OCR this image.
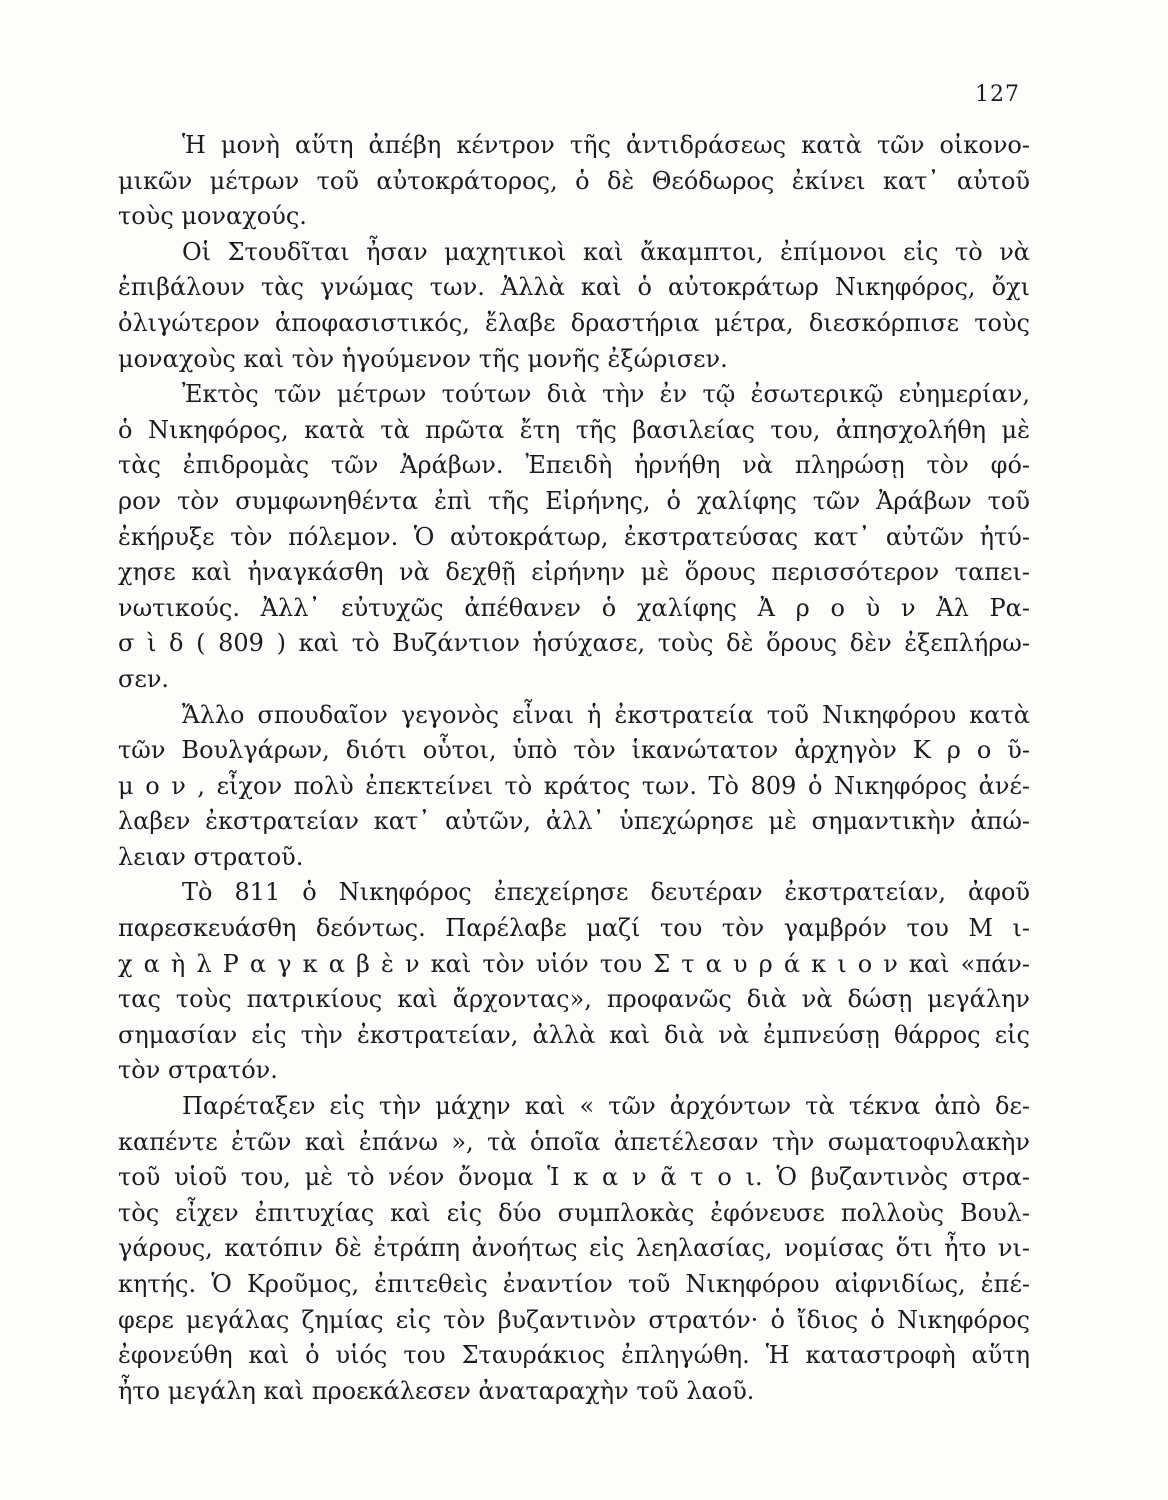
127
Ἡ μονὴ αὕτη ἀπέβη κέντρον τῆς ἀντιδράσεως κατὰ τῶν οἰκονο-
μικῶν μέτρων τοῦ αὐτοκράτορος, ὁ δὲ Θεόδωρος ἐκίνει κατ᾽ αὐτοῦ
τοὺς μοναχούς.
Οἱ Στουδῖται ἦσαν μαχητικοὶ καὶ ἄκαμπτοι, ἐπίμονοι εἰς τὸ νὰ
ἐπιβάλουν τὰς γνώμας των. Ἀλλὰ καὶ ὁ αὐτοκράτωρ Νικηφόρος, ὄχι
ὀλιγώτερον ἀποφασιστικός, ἔλαβε δραστήρια μέτρα, διεσκόρπισε τοὺς
μοναχοὺς καὶ τὸν ἡγούμενον τῆς μονῆς ἐξώρισεν.
Ἐκτὸς τῶν μέτρων τούτων διὰ τὴν ἐν τῷ ἐσωτερικῷ εὐημερίαν,
ὁ Νικηφόρος, κατὰ τὰ πρῶτα ἔτη τῆς βασιλείας του, ἀπησχολήθη μὲ
τὰς ἐπιδρομὰς τῶν Ἀράβων. Ἐπειδὴ ἠρνήθη νὰ πληρώσῃ τὸν φό-
ρον τὸν συμφωνηθέντα ἐπὶ τῆς Εἰρήνης, ὁ χαλίφης τῶν Ἀράβων τοῦ
ἐκήρυξε τὸν πόλεμον. Ὁ αὐτοκράτωρ, ἐκστρατεύσας κατ᾽ αὐτῶν ἠτύ-
χησε καὶ ἠναγκάσθη νὰ δεχθῇ εἰρήνην μὲ ὅρους περισσότερον ταπει-
νωτικούς. Ἀλλ᾽ εὐτυχῶς ἀπέθανεν ὁ χαλίφης Ἀ ρ ο ὺ ν Ἀλ Ρα-
σ ὶ δ ( 809 ) καὶ τὸ Βυζάντιον ἡσύχασε, τοὺς δὲ ὅρους δὲν ἐξεπλήρω-
σεν.
Ἄλλο σπουδαῖον γεγονὸς εἶναι ἡ ἐκστρατεία τοῦ Νικηφόρου κατὰ
τῶν Βουλγάρων, διότι οὗτοι, ὑπὸ τὸν ἱκανώτατον ἀρχηγὸν Κ ρ ο ῦ-
μ ο ν , εἶχον πολὺ ἐπεκτείνει τὸ κράτος των. Τὸ 809 ὁ Νικηφόρος ἀνέ-
λαβεν ἐκστρατείαν κατ᾽ αὐτῶν, ἀλλ᾽ ὑπεχώρησε μὲ σημαντικὴν ἀπώ-
λειαν στρατοῦ.
Τὸ 811 ὁ Νικηφόρος ἐπεχείρησε δευτέραν ἐκστρατείαν, ἀφοῦ
παρεσκευάσθη δεόντως. Παρέλαβε μαζί του τὸν γαμβρόν του Μ ι-
χ α ὴ λ Ρ α γ κ α β ὲ ν καὶ τὸν υἱόν του Σ τ α υ ρ ά κ ι ο ν καὶ «πάν-
τας τοὺς πατρικίους καὶ ἄρχοντας», προφανῶς διὰ νὰ δώσῃ μεγάλην
σημασίαν εἰς τὴν ἐκστρατείαν, ἀλλὰ καὶ διὰ νὰ ἐμπνεύσῃ θάρρος εἰς
τὸν στρατόν.
Παρέταξεν εἰς τὴν μάχην καὶ « τῶν ἀρχόντων τὰ τέκνα ἀπὸ δε-
καπέντε ἐτῶν καὶ ἐπάνω », τὰ ὁποῖα ἀπετέλεσαν τὴν σωματοφυλακὴν
τοῦ υἱοῦ του, μὲ τὸ νέον ὄνομα Ἱ κ α ν ᾶ τ ο ι. Ὁ βυζαντινὸς στρα-
τὸς εἶχεν ἐπιτυχίας καὶ εἰς δύο συμπλοκὰς ἐφόνευσε πολλοὺς Βουλ-
γάρους, κατόπιν δὲ ἐτράπη ἀνοήτως εἰς λεηλασίας, νομίσας ὅτι ἦτο νι-
κητής. Ὁ Κροῦμος, ἐπιτεθεὶς ἐναντίον τοῦ Νικηφόρου αἰφνιδίως, ἐπέ-
φερε μεγάλας ζημίας εἰς τὸν βυζαντινὸν στρατόν· ὁ ἴδιος ὁ Νικηφόρος
ἐφονεύθη καὶ ὁ υἱός του Σταυράκιος ἐπληγώθη. Ἡ καταστροφὴ αὕτη
ἦτο μεγάλη καὶ προεκάλεσεν ἀναταραχὴν τοῦ λαοῦ.
